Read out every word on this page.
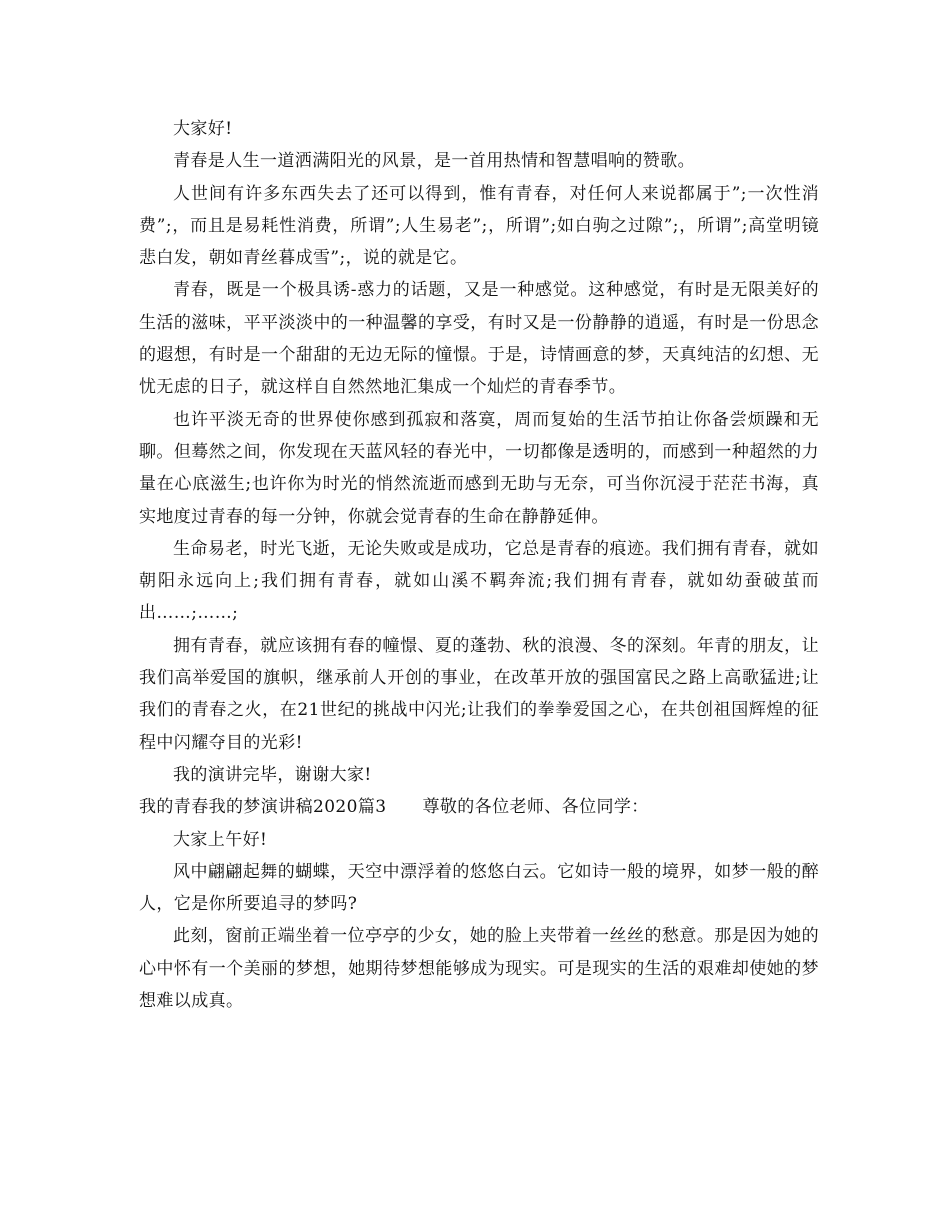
大家好!

青春是人生一道洒满阳光的风景，是一首用热情和智慧唱响的赞歌。

人世间有许多东西失去了还可以得到，惟有青春，对任何人来说都属于”;一次性消费”;，而且是易耗性消费，所谓”;人生易老”;，所谓”;如白驹之过隙”;，所谓”;高堂明镜悲白发，朝如青丝暮成雪”;，说的就是它。

青春，既是一个极具诱-惑力的话题，又是一种感觉。这种感觉，有时是无限美好的生活的滋味，平平淡淡中的一种温馨的享受，有时又是一份静静的逍遥，有时是一份思念的遐想，有时是一个甜甜的无边无际的憧憬。于是，诗情画意的梦，天真纯洁的幻想、无忧无虑的日子，就这样自自然然地汇集成一个灿烂的青春季节。

也许平淡无奇的世界使你感到孤寂和落寞，周而复始的生活节拍让你备尝烦躁和无聊。但蓦然之间，你发现在天蓝风轻的春光中，一切都像是透明的，而感到一种超然的力量在心底滋生;也许你为时光的悄然流逝而感到无助与无奈，可当你沉浸于茫茫书海，真实地度过青春的每一分钟，你就会觉青春的生命在静静延伸。

生命易老，时光飞逝，无论失败或是成功，它总是青春的痕迹。我们拥有青春，就如朝阳永远向上;我们拥有青春，就如山溪不羁奔流;我们拥有青春，就如幼蚕破茧而出……;……;

拥有青春，就应该拥有春的幢憬、夏的蓬勃、秋的浪漫、冬的深刻。年青的朋友，让我们高举爱国的旗帜，继承前人开创的事业，在改革开放的强国富民之路上高歌猛进;让我们的青春之火，在21世纪的挑战中闪光;让我们的拳拳爱国之心，在共创祖国辉煌的征程中闪耀夺目的光彩!

我的演讲完毕，谢谢大家!

我的青春我的梦演讲稿2020篇3 尊敬的各位老师、各位同学：

大家上午好!

风中翩翩起舞的蝴蝶，天空中漂浮着的悠悠白云。它如诗一般的境界，如梦一般的醉人，它是你所要追寻的梦吗?

此刻，窗前正端坐着一位亭亭的少女，她的脸上夹带着一丝丝的愁意。那是因为她的心中怀有一个美丽的梦想，她期待梦想能够成为现实。可是现实的生活的艰难却使她的梦想难以成真。
